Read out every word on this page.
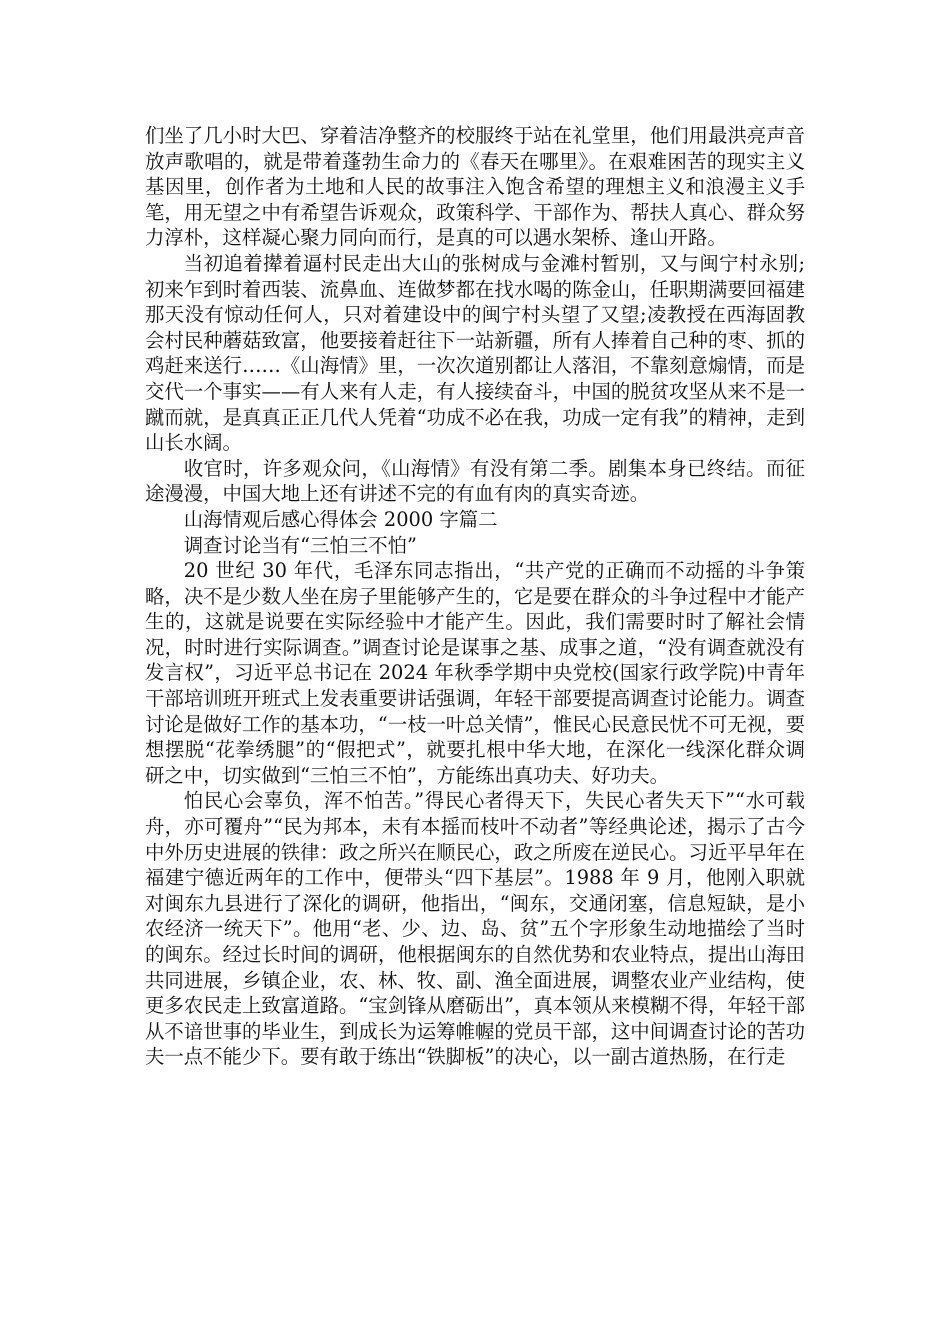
们坐了几小时大巴、穿着洁净整齐的校服终于站在礼堂里，他们用最洪亮声音放声歌唱的，就是带着蓬勃生命力的《春天在哪里》。在艰难困苦的现实主义基因里，创作者为土地和人民的故事注入饱含希望的理想主义和浪漫主义手笔，用无望之中有希望告诉观众，政策科学、干部作为、帮扶人真心、群众努力淳朴，这样凝心聚力同向而行，是真的可以遇水架桥、逢山开路。

当初追着撵着逼村民走出大山的张树成与金滩村暂别，又与闽宁村永别;初来乍到时着西装、流鼻血、连做梦都在找水喝的陈金山，任职期满要回福建那天没有惊动任何人，只对着建设中的闽宁村头望了又望;凌教授在西海固教会村民种蘑菇致富，他要接着赶往下一站新疆，所有人捧着自己种的枣、抓的鸡赶来送行……《山海情》里，一次次道别都让人落泪，不靠刻意煽情，而是交代一个事实——有人来有人走，有人接续奋斗，中国的脱贫攻坚从来不是一蹴而就，是真真正正几代人凭着“功成不必在我，功成一定有我”的精神，走到山长水阔。

收官时，许多观众问，《山海情》有没有第二季。剧集本身已终结。而征途漫漫，中国大地上还有讲述不完的有血有肉的真实奇迹。

山海情观后感心得体会 2000 字篇二

调查讨论当有“三怕三不怕”

20 世纪 30 年代，毛泽东同志指出，“共产党的正确而不动摇的斗争策略，决不是少数人坐在房子里能够产生的，它是要在群众的斗争过程中才能产生的，这就是说要在实际经验中才能产生。因此，我们需要时时了解社会情况，时时进行实际调查。”调查讨论是谋事之基、成事之道，“没有调查就没有发言权”，习近平总书记在 2024 年秋季学期中央党校(国家行政学院)中青年干部培训班开班式上发表重要讲话强调，年轻干部要提高调查讨论能力。调查讨论是做好工作的基本功，“一枝一叶总关情”，惟民心民意民忧不可无视，要想摆脱“花拳绣腿”的“假把式”，就要扎根中华大地，在深化一线深化群众调研之中，切实做到“三怕三不怕”，方能练出真功夫、好功夫。

怕民心会辜负，浑不怕苦。”得民心者得天下，失民心者失天下”“水可载舟，亦可覆舟”“民为邦本，未有本摇而枝叶不动者”等经典论述，揭示了古今中外历史进展的铁律：政之所兴在顺民心，政之所废在逆民心。习近平早年在福建宁德近两年的工作中，便带头“四下基层”。1988 年 9 月，他刚入职就对闽东九县进行了深化的调研，他指出，“闽东，交通闭塞，信息短缺，是小农经济一统天下”。他用“老、少、边、岛、贫”五个字形象生动地描绘了当时的闽东。经过长时间的调研，他根据闽东的自然优势和农业特点，提出山海田共同进展，乡镇企业，农、林、牧、副、渔全面进展，调整农业产业结构，使更多农民走上致富道路。“宝剑锋从磨砺出”，真本领从来模糊不得，年轻干部从不谙世事的毕业生，到成长为运筹帷幄的党员干部，这中间调查讨论的苦功夫一点不能少下。要有敢于练出“铁脚板”的决心，以一副古道热肠，在行走
